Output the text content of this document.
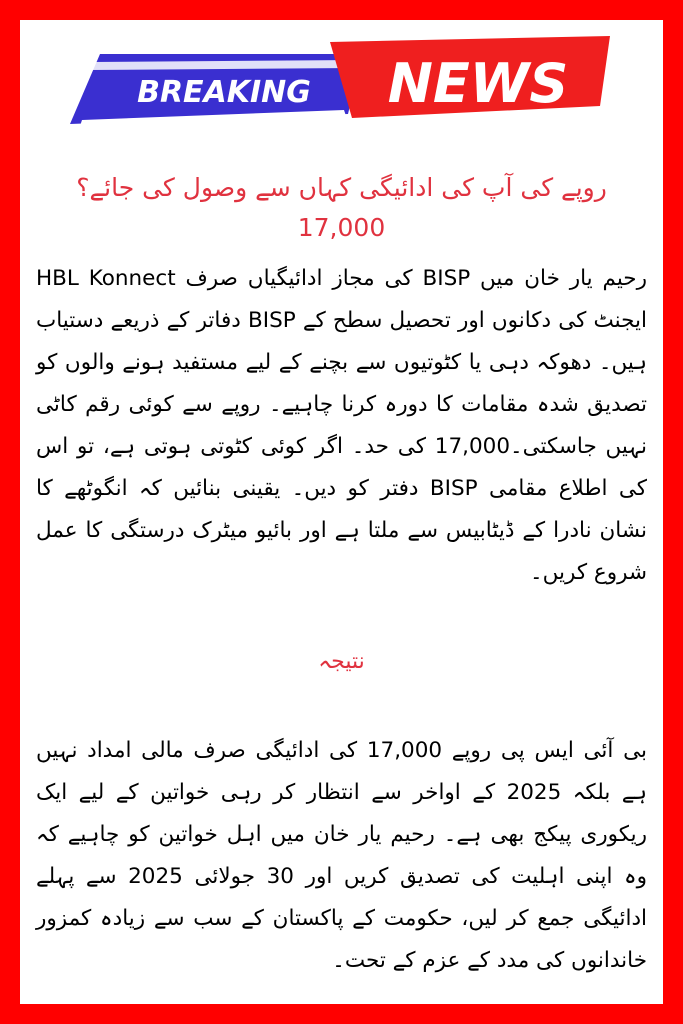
BREAKING NEWS
روپے کی آپ کی ادائیگی کہاں سے وصول کی جائے؟17,000
رحیم یار خان میں BISP کی مجاز ادائیگیاں صرف HBL Konnect ایجنٹ کی دکانوں اور تحصیل سطح کے BISP دفاتر کے ذریعے دستیاب ہیں۔ دھوکہ دہی یا کٹوتیوں سے بچنے کے لیے مستفید ہونے والوں کو تصدیق شدہ مقامات کا دورہ کرنا چاہیے۔ روپے سے کوئی رقم کاٹی نہیں جاسکتی۔17,000 کی حد۔ اگر کوئی کٹوتی ہوتی ہے، تو اس کی اطلاع مقامی BISP دفتر کو دیں۔ یقینی بنائیں کہ انگوٹھے کا نشان نادرا کے ڈیٹابیس سے ملتا ہے اور بائیو میٹرک درستگی کا عمل شروع کریں۔
نتیجہ
بی آئی ایس پی روپے 17,000 کی ادائیگی صرف مالی امداد نہیں ہے بلکہ 2025 کے اواخر سے انتظار کر رہی خواتین کے لیے ایک ریکوری پیکج بھی ہے۔ رحیم یار خان میں اہل خواتین کو چاہیے کہ وہ اپنی اہلیت کی تصدیق کریں اور 30 جولائی 2025 سے پہلے ادائیگی جمع کر لیں، حکومت کے پاکستان کے سب سے زیادہ کمزور خاندانوں کی مدد کے عزم کے تحت۔
